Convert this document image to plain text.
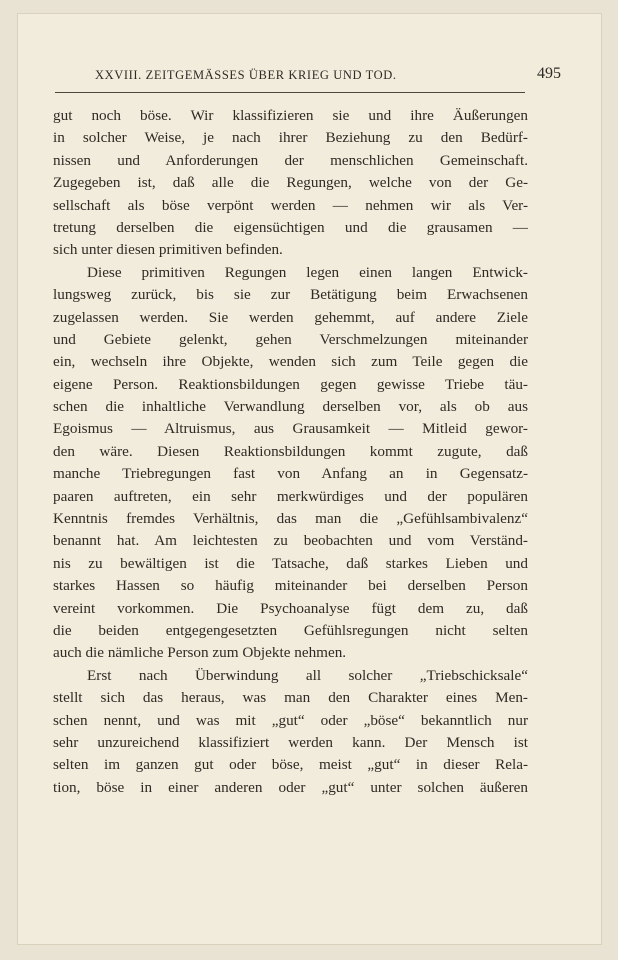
XXVIII. ZEITGEMÄSSES ÜBER KRIEG UND TOD.	495
gut noch böse. Wir klassifizieren sie und ihre Äußerungen
in solcher Weise, je nach ihrer Beziehung zu den Bedürf-
nissen und Anforderungen der menschlichen Gemeinschaft.
Zugegeben ist, daß alle die Regungen, welche von der Ge-
sellschaft als böse verpönt werden — nehmen wir als Ver-
tretung derselben die eigensüchtigen und die grausamen —
sich unter diesen primitiven befinden.
Diese primitiven Regungen legen einen langen Entwick-
lungsweg zurück, bis sie zur Betätigung beim Erwachsenen
zugelassen werden. Sie werden gehemmt, auf andere Ziele
und Gebiete gelenkt, gehen Verschmelzungen miteinander
ein, wechseln ihre Objekte, wenden sich zum Teile gegen die
eigene Person. Reaktionsbildungen gegen gewisse Triebe täu-
schen die inhaltliche Verwandlung derselben vor, als ob aus
Egoismus — Altruismus, aus Grausamkeit — Mitleid gewor-
den wäre. Diesen Reaktionsbildungen kommt zugute, daß
manche Triebregungen fast von Anfang an in Gegensatz-
paaren auftreten, ein sehr merkwürdiges und der populären
Kenntnis fremdes Verhältnis, das man die „Gefühlsambivalenz“
benannt hat. Am leichtesten zu beobachten und vom Verständ-
nis zu bewältigen ist die Tatsache, daß starkes Lieben und
starkes Hassen so häufig miteinander bei derselben Person
vereint vorkommen. Die Psychoanalyse fügt dem zu, daß
die beiden entgegengesetzten Gefühlsregungen nicht selten
auch die nämliche Person zum Objekte nehmen.
Erst nach Überwindung all solcher „Triebschicksale“
stellt sich das heraus, was man den Charakter eines Men-
schen nennt, und was mit „gut“ oder „böse“ bekanntlich nur
sehr unzureichend klassifiziert werden kann. Der Mensch ist
selten im ganzen gut oder böse, meist „gut“ in dieser Rela-
tion, böse in einer anderen oder „gut“ unter solchen äußeren
